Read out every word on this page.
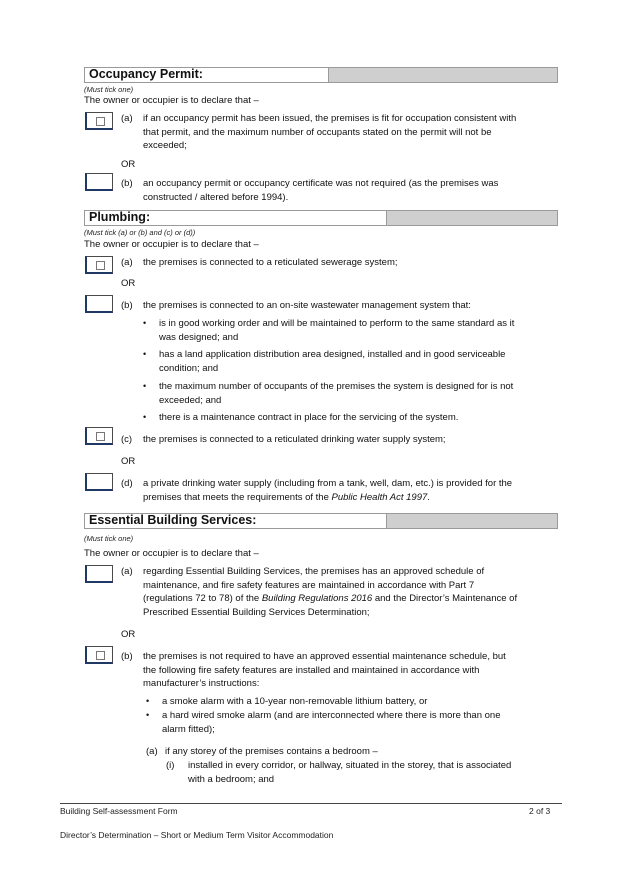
Occupancy Permit:
(Must tick one)
The owner or occupier is to declare that –
(a) if an occupancy permit has been issued, the premises is fit for occupation consistent with
that permit, and the maximum number of occupants stated on the permit will not be
exceeded;
OR
(b) an occupancy permit or occupancy certificate was not required (as the premises was
constructed / altered before 1994).
Plumbing:
(Must tick (a) or (b) and (c) or (d))
The owner or occupier is to declare that –
(a) the premises is connected to a reticulated sewerage system;
OR
(b) the premises is connected to an on-site wastewater management system that:
• is in good working order and will be maintained to perform to the same standard as it
was designed; and
• has a land application distribution area designed, installed and in good serviceable
condition; and
• the maximum number of occupants of the premises the system is designed for is not
exceeded; and
• there is a maintenance contract in place for the servicing of the system.
(c) the premises is connected to a reticulated drinking water supply system;
OR
(d) a private drinking water supply (including from a tank, well, dam, etc.) is provided for the
premises that meets the requirements of the Public Health Act 1997.
Essential Building Services:
(Must tick one)
The owner or occupier is to declare that –
(a) regarding Essential Building Services, the premises has an approved schedule of
maintenance, and fire safety features are maintained in accordance with Part 7
(regulations 72 to 78) of the Building Regulations 2016 and the Director’s Maintenance of
Prescribed Essential Building Services Determination;
OR
(b) the premises is not required to have an approved essential maintenance schedule, but
the following fire safety features are installed and maintained in accordance with
manufacturer’s instructions:
• a smoke alarm with a 10-year non-removable lithium battery, or
• a hard wired smoke alarm (and are interconnected where there is more than one
alarm fitted);
(a) if any storey of the premises contains a bedroom –
(i) installed in every corridor, or hallway, situated in the storey, that is associated
with a bedroom; and
Building Self-assessment Form	2 of 3
Director’s Determination – Short or Medium Term Visitor Accommodation
